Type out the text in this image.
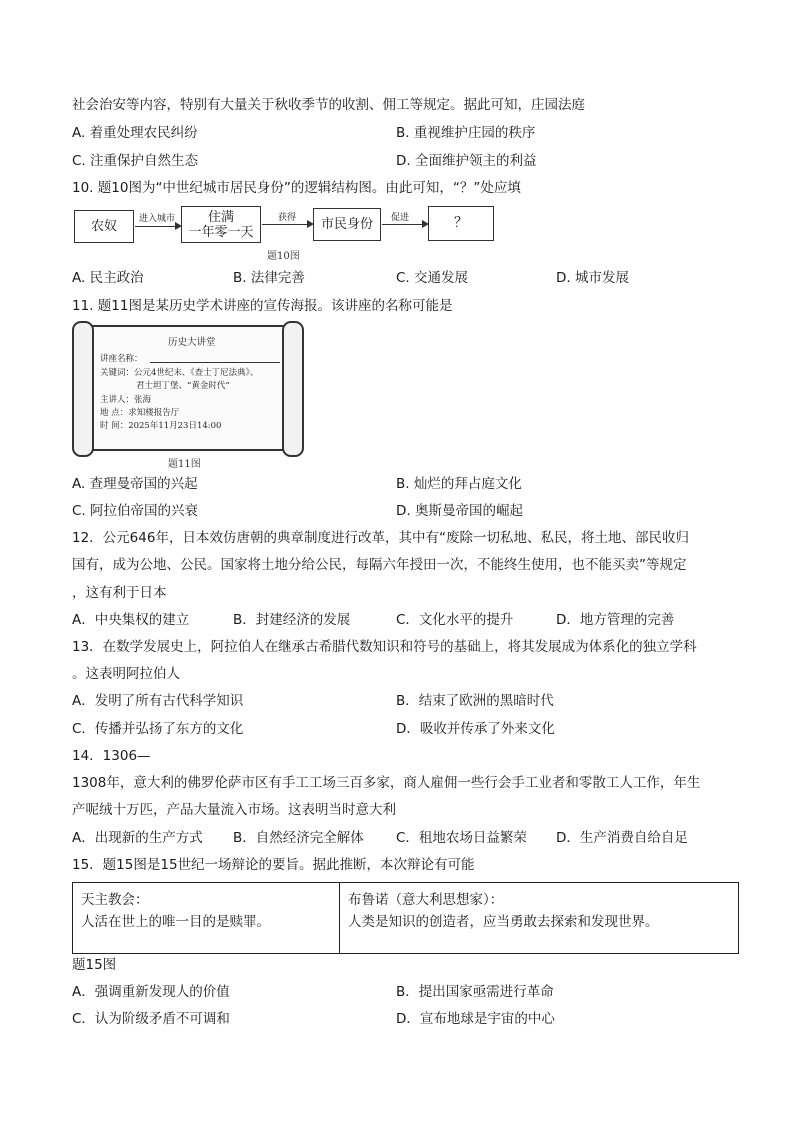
社会治安等内容，特别有大量关于秋收季节的收割、佣工等规定。据此可知，庄园法庭
A. 着重处理农民纠纷	B. 重视维护庄园的秩序
C. 注重保护自然生态	D. 全面维护领主的利益
10. 题10图为“中世纪城市居民身份”的逻辑结构图。由此可知，“？”处应填
农奴	进入城市	住满
一年零一天
获得	市民身份	促进	？
题10图
A. 民主政治	B. 法律完善	C. 交通发展	D. 城市发展
11. 题11图是某历史学术讲座的宣传海报。该讲座的名称可能是
历史大讲堂
讲座名称：
关键词：公元4世纪末、《查士丁尼法典》、
君士坦丁堡、“黄金时代”
主讲人：张海
地 点：求知楼报告厅
时 间：2025年11月23日14:00
题11图
A. 查理曼帝国的兴起	B. 灿烂的拜占庭文化
C. 阿拉伯帝国的兴衰	D. 奥斯曼帝国的崛起
12．公元646年，日本效仿唐朝的典章制度进行改革，其中有“废除一切私地、私民，将土地、部民收归
国有，成为公地、公民。国家将土地分给公民，每隔六年授田一次，不能终生使用，也不能买卖”等规定
，这有利于日本
A．中央集权的建立	B．封建经济的发展	C．文化水平的提升	D．地方管理的完善
13．在数学发展史上，阿拉伯人在继承古希腊代数知识和符号的基础上，将其发展成为体系化的独立学科
。这表明阿拉伯人
A．发明了所有古代科学知识	B．结束了欧洲的黑暗时代
C．传播并弘扬了东方的文化	D．吸收并传承了外来文化
14．1306—
1308年，意大利的佛罗伦萨市区有手工工场三百多家，商人雇佣一些行会手工业者和零散工人工作，年生
产呢绒十万匹，产品大量流入市场。这表明当时意大利
A．出现新的生产方式 B．自然经济完全解体 C．租地农场日益繁荣 D．生产消费自给自足
15．题15图是15世纪一场辩论的要旨。据此推断，本次辩论有可能
天主教会：
人活在世上的唯一目的是赎罪。

布鲁诺（意大利思想家）：
人类是知识的创造者，应当勇敢去探索和发现世界。
题15图
A．强调重新发现人的价值	B．提出国家亟需进行革命
C．认为阶级矛盾不可调和	D．宣布地球是宇宙的中心
